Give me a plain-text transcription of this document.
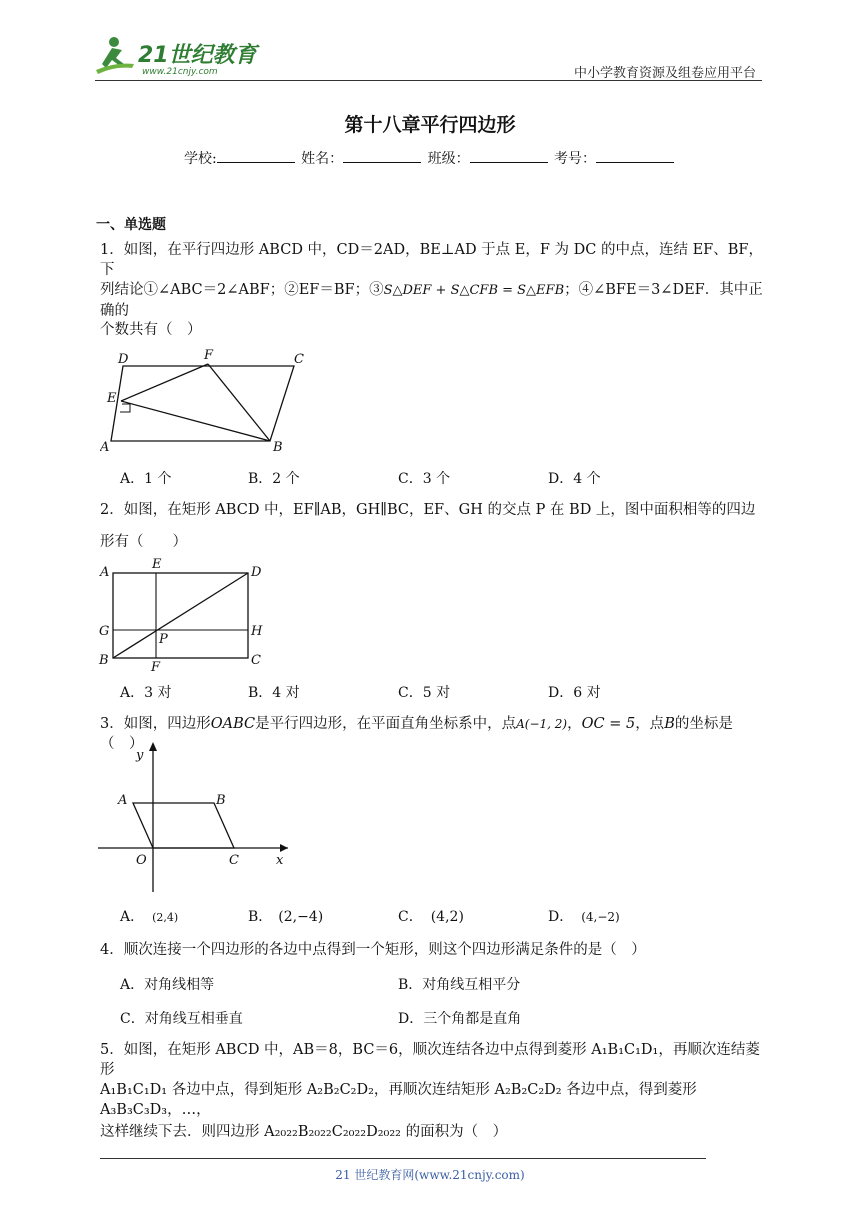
21世纪教育
www.21cnjy.com	中小学教育资源及组卷应用平台
第十八章平行四边形
学校:	姓名：	班级：	考号：
一、单选题
1．如图，在平行四边形 ABCD 中，CD＝2AD，BE⊥AD 于点 E，F 为 DC 的中点，连结 EF、BF，下
列结论①∠ABC＝2∠ABF；②EF＝BF；③S△DEF + S△CFB = S△EFB；④∠BFE＝3∠DEF．其中正确的
个数共有（　）
D	F	C
E
A	B
A．1 个	B．2 个	C．3 个	D．4 个
2．如图，在矩形 ABCD 中，EF∥AB，GH∥BC，EF、GH 的交点 P 在 BD 上，图中面积相等的四边
形有（　　）
A
E
D
G
P
H
B	F	C
A．3 对	B．4 对	C．5 对	D．6 对
3．如图，四边形OABC是平行四边形，在平面直角坐标系中，点A(−1, 2)，OC = 5，点B的坐标是（　）
y
A	B
O	C	x
A． (2,4)	B． (2,−4)	C． (4,2)	D． (4,−2)
4．顺次连接一个四边形的各边中点得到一个矩形，则这个四边形满足条件的是（　）
A．对角线相等	B．对角线互相平分
C．对角线互相垂直	D．三个角都是直角
5．如图，在矩形 ABCD 中，AB＝8，BC＝6，顺次连结各边中点得到菱形 A₁B₁C₁D₁，再顺次连结菱形
A₁B₁C₁D₁ 各边中点，得到矩形 A₂B₂C₂D₂，再顺次连结矩形 A₂B₂C₂D₂ 各边中点，得到菱形 A₃B₃C₃D₃，…，
这样继续下去．则四边形 A₂₀₂₂B₂₀₂₂C₂₀₂₂D₂₀₂₂ 的面积为（　）
21 世纪教育网(www.21cnjy.com)
